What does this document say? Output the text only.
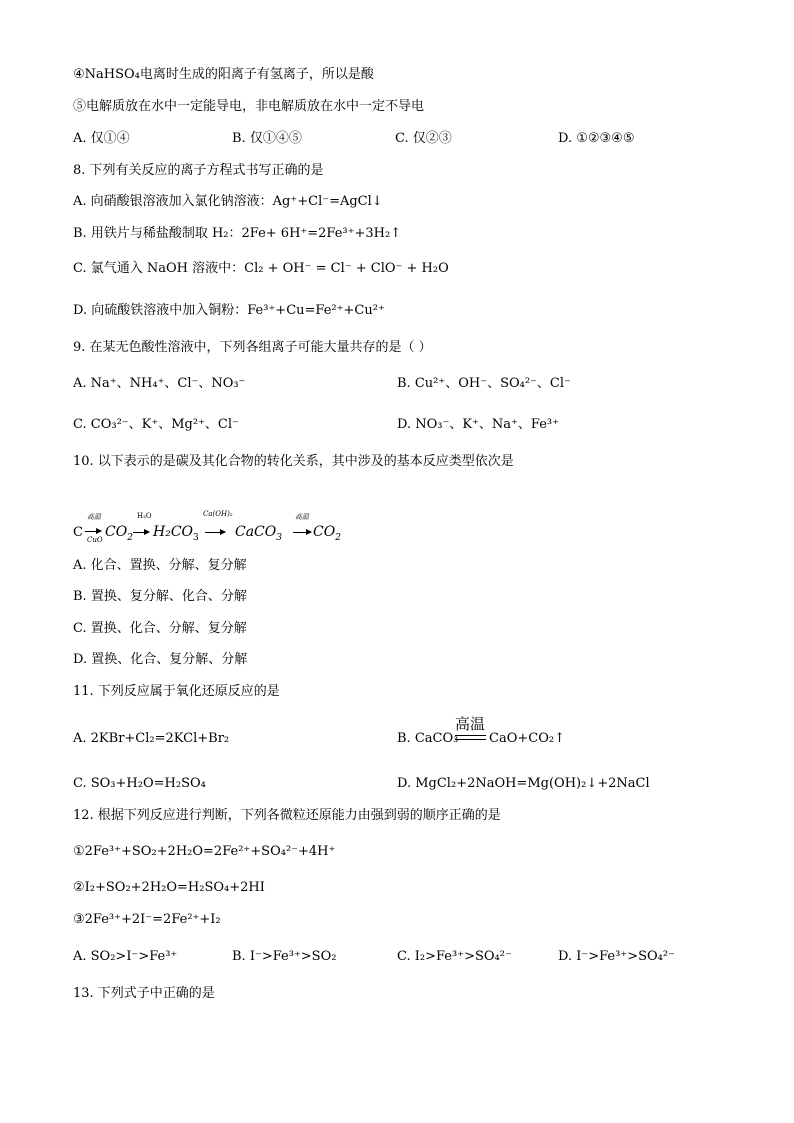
④NaHSO₄电离时生成的阳离子有氢离子，所以是酸
⑤电解质放在水中一定能导电，非电解质放在水中一定不导电
A. 仅①④	B. 仅①④⑤	C. 仅②③	D. ①②③④⑤
8. 下列有关反应的离子方程式书写正确的是
A. 向硝酸银溶液加入氯化钠溶液：Ag⁺+Cl⁻=AgCl↓
B. 用铁片与稀盐酸制取 H₂：2Fe+ 6H⁺=2Fe³⁺+3H₂↑
C. 氯气通入 NaOH 溶液中：Cl₂ + OH⁻ = Cl⁻ + ClO⁻ + H₂O
D. 向硫酸铁溶液中加入铜粉：Fe³⁺+Cu=Fe²⁺+Cu²⁺
9. 在某无色酸性溶液中，下列各组离子可能大量共存的是（ ）
A. Na⁺、NH₄⁺、Cl⁻、NO₃⁻	B. Cu²⁺、OH⁻、SO₄²⁻、Cl⁻
C. CO₃²⁻、K⁺、Mg²⁺、Cl⁻	D. NO₃⁻、K⁺、Na⁺、Fe³⁺
10. 以下表示的是碳及其化合物的转化关系，其中涉及的基本反应类型依次是
C
高温
CuO $CO_2$
H₂O
$H_2CO_3$
Ca(OH)₂
CaCO$_3$
高温
$CO_2$
A. 化合、置换、分解、复分解
B. 置换、复分解、化合、分解
C. 置换、化合、分解、复分解
D. 置换、化合、复分解、分解
11. 下列反应属于氧化还原反应的是
A. 2KBr+Cl₂=2KCl+Br₂	B. CaCO₃
高温
CaO+CO₂↑
C. SO₃+H₂O=H₂SO₄	D. MgCl₂+2NaOH=Mg(OH)₂↓+2NaCl
12. 根据下列反应进行判断，下列各微粒还原能力由强到弱的顺序正确的是
①2Fe³⁺+SO₂+2H₂O=2Fe²⁺+SO₄²⁻+4H⁺
②I₂+SO₂+2H₂O=H₂SO₄+2HI
③2Fe³⁺+2I⁻=2Fe²⁺+I₂
A. SO₂>I⁻>Fe³⁺	B. I⁻>Fe³⁺>SO₂	C. I₂>Fe³⁺>SO₄²⁻	D. I⁻>Fe³⁺>SO₄²⁻
13. 下列式子中正确的是
